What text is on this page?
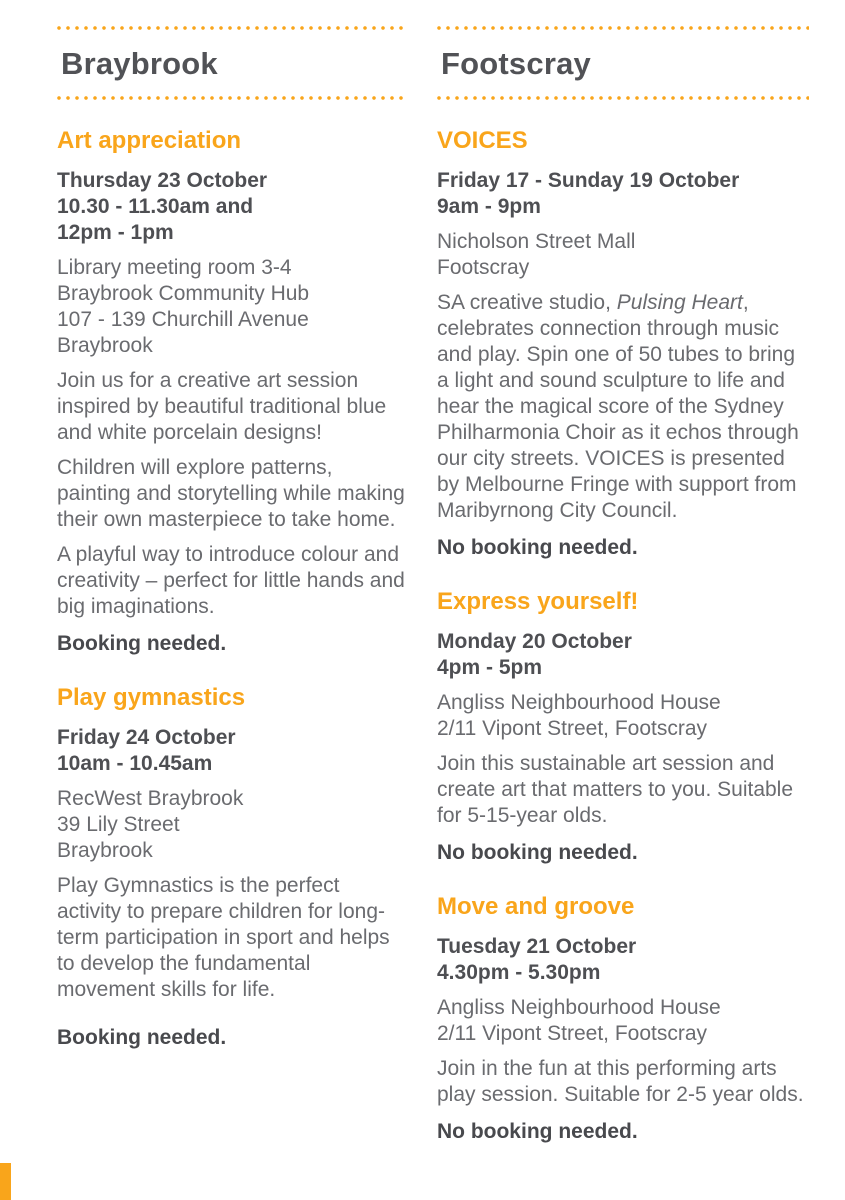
Braybrook
Art appreciation

Thursday 23 October
10.30 - 11.30am and
12pm - 1pm

Library meeting room 3-4
Braybrook Community Hub
107 - 139 Churchill Avenue
Braybrook

Join us for a creative art session inspired by beautiful traditional blue and white porcelain designs!

Children will explore patterns, painting and storytelling while making their own masterpiece to take home.

A playful way to introduce colour and creativity – perfect for little hands and big imaginations.

Booking needed.

Play gymnastics

Friday 24 October
10am - 10.45am

RecWest Braybrook
39 Lily Street
Braybrook

Play Gymnastics is the perfect activity to prepare children for long-term participation in sport and helps to develop the fundamental movement skills for life.

Booking needed.

Footscray
VOICES

Friday 17 - Sunday 19 October
9am - 9pm

Nicholson Street Mall
Footscray

SA creative studio, Pulsing Heart, celebrates connection through music and play. Spin one of 50 tubes to bring a light and sound sculpture to life and hear the magical score of the Sydney Philharmonia Choir as it echos through our city streets. VOICES is presented by Melbourne Fringe with support from Maribyrnong City Council.

No booking needed.

Express yourself!

Monday 20 October
4pm - 5pm

Angliss Neighbourhood House
2/11 Vipont Street, Footscray

Join this sustainable art session and create art that matters to you. Suitable for 5-15-year olds.

No booking needed.

Move and groove

Tuesday 21 October
4.30pm - 5.30pm

Angliss Neighbourhood House
2/11 Vipont Street, Footscray

Join in the fun at this performing arts play session. Suitable for 2-5 year olds.

No booking needed.
